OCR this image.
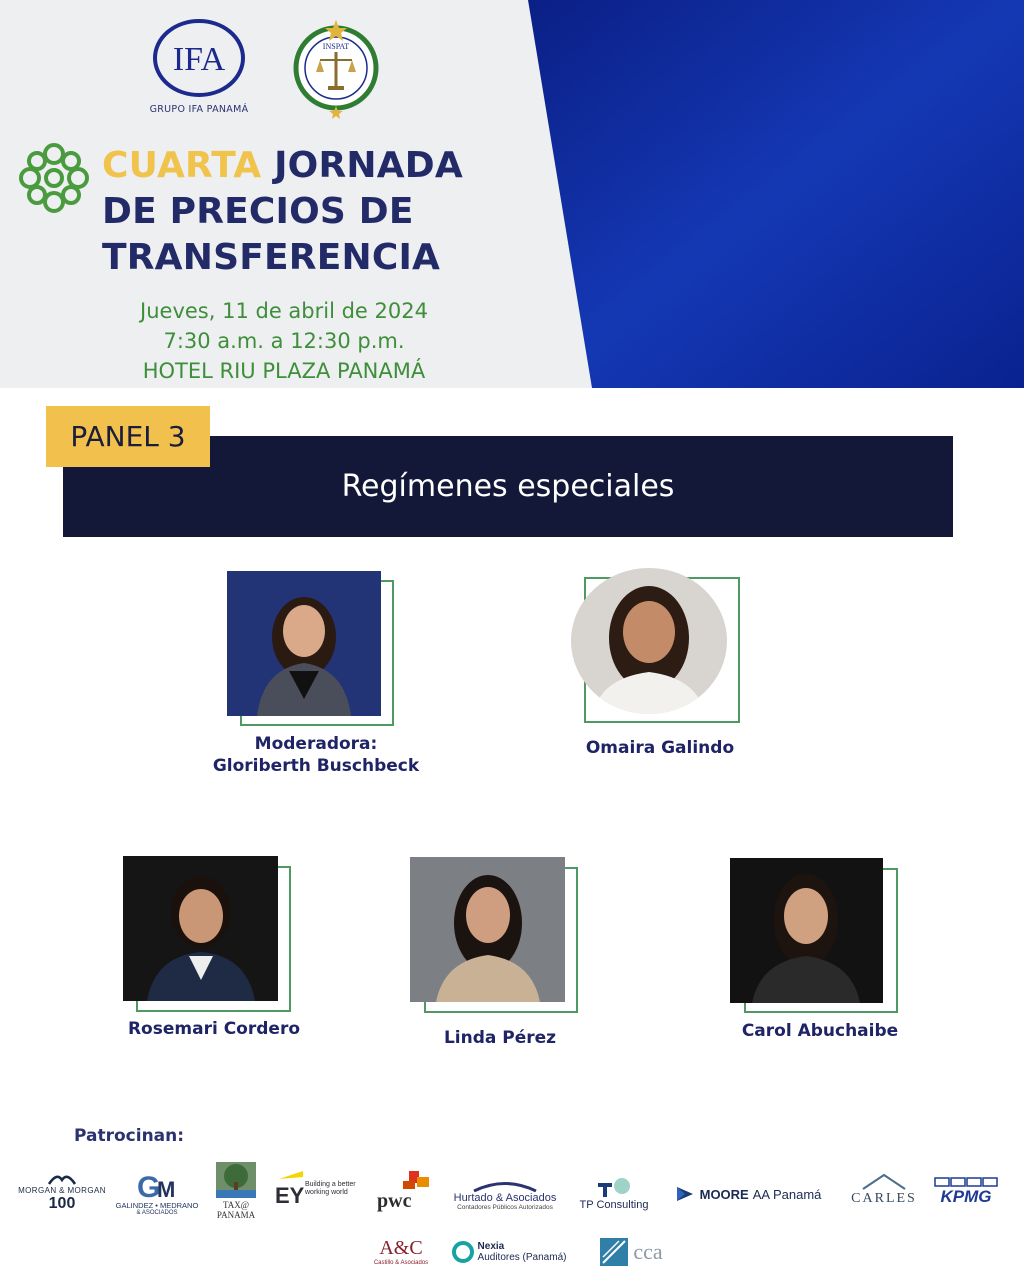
IFA
GRUPO IFA PANAMÁ
INSPAT
CUARTA JORNADA
DE PRECIOS DE
TRANSFERENCIA
Jueves, 11 de abril de 2024
7:30 a.m. a 12:30 p.m.
HOTEL RIU PLAZA PANAMÁ
PANEL 3
Regímenes especiales
Moderadora:
Gloriberth Buschbeck
Omaira Galindo
Rosemari Cordero	Linda Pérez	Carol Abuchaibe
Patrocinan:
MORGAN & MORGAN
100 G
M
GALINDEZ • MEDRANO
& ASOCIADOS
TAX@ PANAMA
EY Building a better working world	pwc	Hurtado & Asociados
Contadores Públicos Autorizados TP Consulting
MOORE AA Panamá CARLES KPMG
A&C
Castillo & Asociados
Nexia
Auditores (Panamá)	cca
